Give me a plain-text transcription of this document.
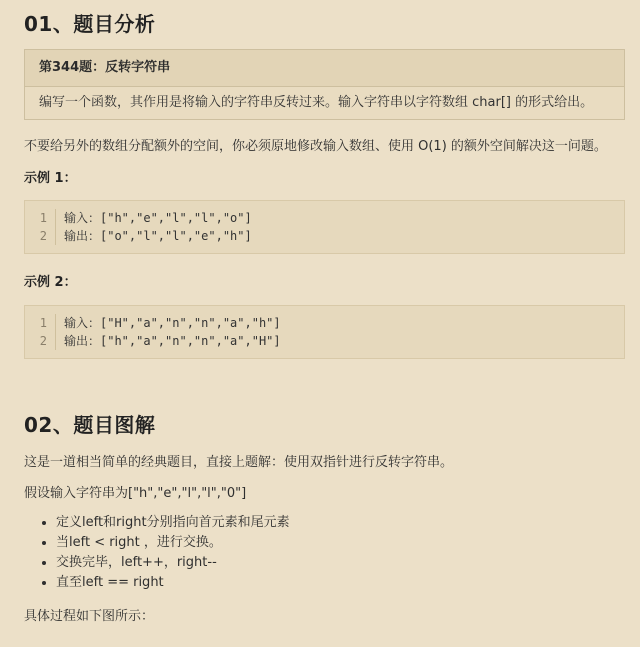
01、题目分析
第344题：反转字符串
编写一个函数，其作用是将输入的字符串反转过来。输入字符串以字符数组 char[] 的形式给出。

不要给另外的数组分配额外的空间，你必须原地修改输入数组、使用 O(1) 的额外空间解决这一问题。

示例 1：
1 输入：["h","e","l","l","o"]
2 输出：["o","l","l","e","h"]
示例 2：
1 输入：["H","a","n","n","a","h"]
2 输出：["h","a","n","n","a","H"]
02、题目图解

这是一道相当简单的经典题目，直接上题解：使用双指针进行反转字符串。

假设输入字符串为["h","e","l","l","0"]

• 定义left和right分别指向首元素和尾元素
• 当left < right ，进行交换。
• 交换完毕，left++，right--
• 直至left == right

具体过程如下图所示：
